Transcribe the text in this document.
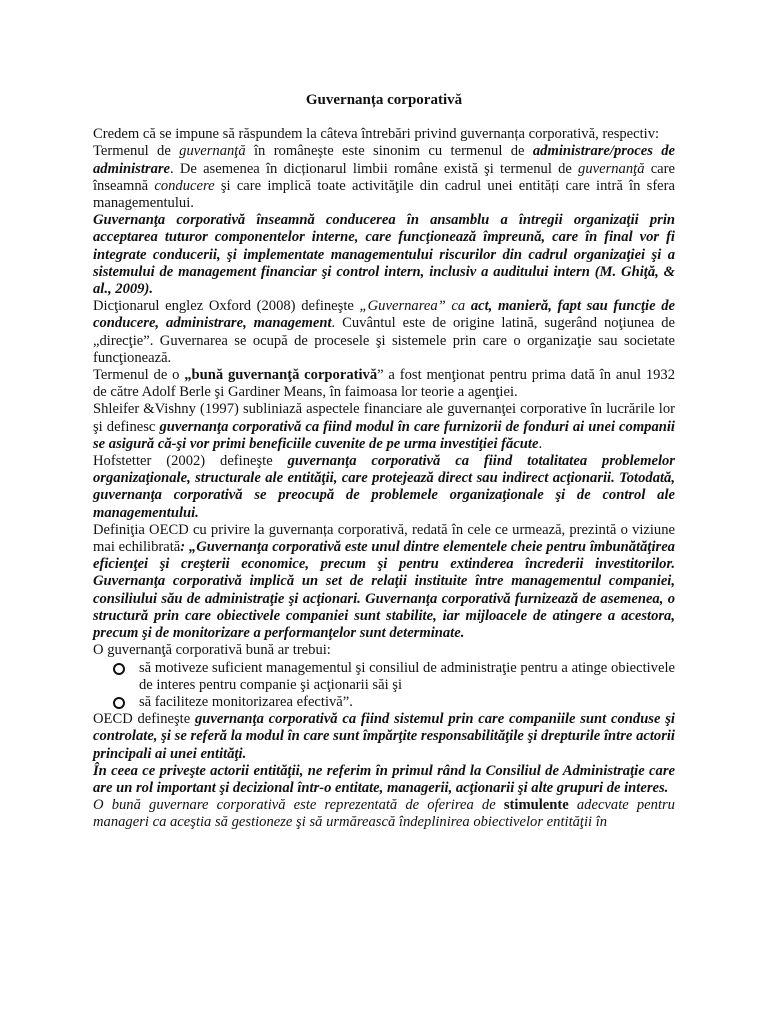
Guvernanța corporativă

Credem că se impune să răspundem la câteva întrebări privind guvernanța corporativă, respectiv:

Termenul de guvernanţă în româneşte este sinonim cu termenul de administrare/proces de administrare. De asemenea în dicționarul limbii române există şi termenul de guvernanţă care înseamnă conducere şi care implică toate activităţile din cadrul unei entități care intră în sfera managementului.

Guvernanţa corporativă înseamnă conducerea în ansamblu a întregii organizaţii prin acceptarea tuturor componentelor interne, care funcţionează împreună, care în final vor fi integrate conducerii, şi implementate managementului riscurilor din cadrul organizaţiei şi a sistemului de management financiar şi control intern, inclusiv a auditului intern (M. Ghiţă, & al., 2009).

Dicţionarul englez Oxford (2008) defineşte „Guvernarea” ca act, manieră, fapt sau funcţie de conducere, administrare, management. Cuvântul este de origine latină, sugerând noţiunea de „direcţie”. Guvernarea se ocupă de procesele şi sistemele prin care o organizaţie sau societate funcţionează.

Termenul de o „bună guvernanţă corporativă” a fost menţionat pentru prima dată în anul 1932 de către Adolf Berle şi Gardiner Means, în faimoasa lor teorie a agenţiei.

Shleifer &Vishny (1997) subliniază aspectele financiare ale guvernanţei corporative în lucrările lor şi definesc guvernanţa corporativă ca fiind modul în care furnizorii de fonduri ai unei companii se asigură că-şi vor primi beneficiile cuvenite de pe urma investiţiei făcute.

Hofstetter (2002) defineşte guvernanţa corporativă ca fiind totalitatea problemelor organizaţionale, structurale ale entităţii, care protejează direct sau indirect acţionarii. Totodată, guvernanţa corporativă se preocupă de problemele organizaţionale şi de control ale managementului.

Definiţia OECD cu privire la guvernanța corporativă, redată în cele ce urmează, prezintă o viziune mai echilibrată: „Guvernanţa corporativă este unul dintre elementele cheie pentru îmbunătăţirea eficienţei şi creşterii economice, precum şi pentru extinderea încrederii investitorilor. Guvernanţa corporativă implică un set de relaţii instituite între managementul companiei, consiliului său de administraţie şi acţionari. Guvernanţa corporativă furnizează de asemenea, o structură prin care obiectivele companiei sunt stabilite, iar mijloacele de atingere a acestora, precum şi de monitorizare a performanţelor sunt determinate.

O guvernanţă corporativă bună ar trebui:

să motiveze suficient managementul şi consiliul de administraţie pentru a atinge obiectivele de interes pentru companie şi acţionarii săi şi
să faciliteze monitorizarea efectivă”.

OECD defineşte guvernanţa corporativă ca fiind sistemul prin care companiile sunt conduse şi controlate, şi se referă la modul în care sunt împărţite responsabilităţile şi drepturile între actorii principali ai unei entităţi.

În ceea ce priveşte actorii entităţii, ne referim în primul rând la Consiliul de Administraţie care are un rol important şi decizional într-o entitate, managerii, acţionarii şi alte grupuri de interes.

O bună guvernare corporativă este reprezentată de oferirea de stimulente adecvate pentru manageri ca aceştia să gestioneze şi să urmărească îndeplinirea obiectivelor entităţii în
